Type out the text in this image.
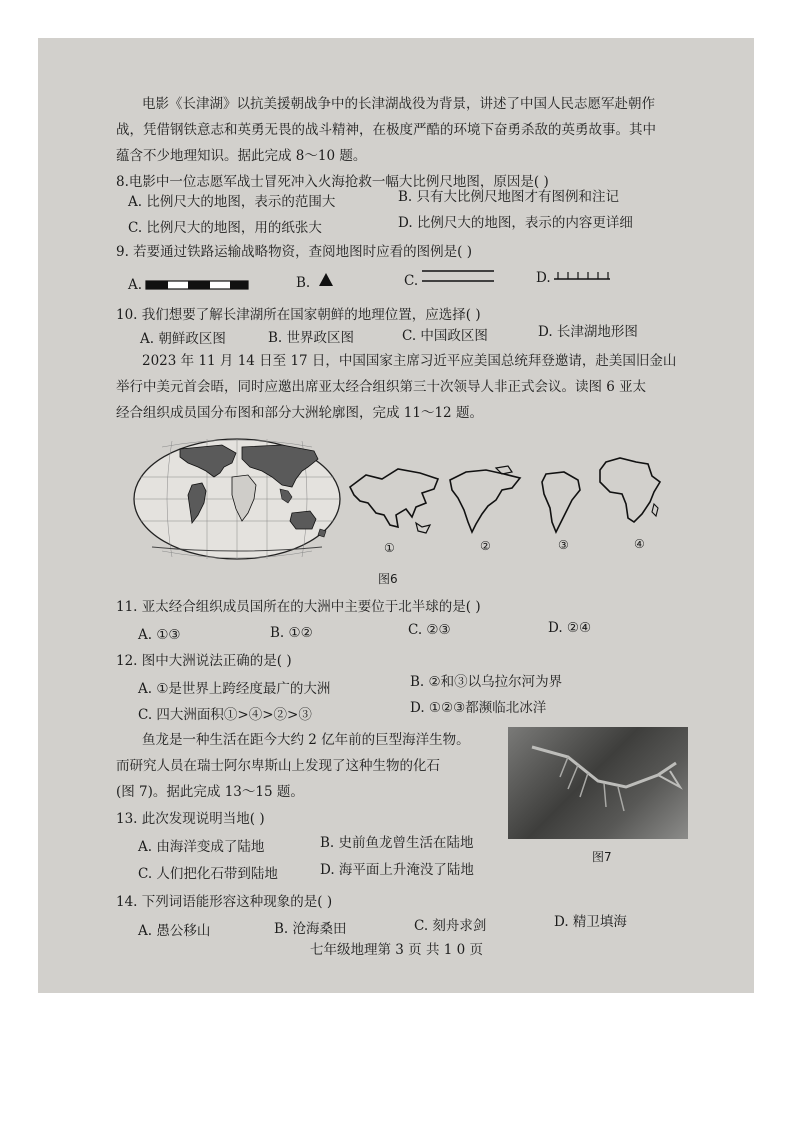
电影《长津湖》以抗美援朝战争中的长津湖战役为背景，讲述了中国人民志愿军赴朝作
战，凭借钢铁意志和英勇无畏的战斗精神，在极度严酷的环境下奋勇杀敌的英勇故事。其中
蕴含不少地理知识。据此完成 8～10 题。
8.电影中一位志愿军战士冒死冲入火海抢救一幅大比例尺地图，原因是( )
A. 比例尺大的地图，表示的范围大	B. 只有大比例尺地图才有图例和注记
C. 比例尺大的地图，用的纸张大	D. 比例尺大的地图，表示的内容更详细
9. 若要通过铁路运输战略物资，查阅地图时应看的图例是( )
A.	B.	C.	D.
10. 我们想要了解长津湖所在国家朝鲜的地理位置，应选择( )
A. 朝鲜政区图	B. 世界政区图	C. 中国政区图	D. 长津湖地形图
2023 年 11 月 14 日至 17 日，中国国家主席习近平应美国总统拜登邀请，赴美国旧金山
举行中美元首会晤，同时应邀出席亚太经合组织第三十次领导人非正式会议。读图 6 亚太
经合组织成员国分布图和部分大洲轮廓图，完成 11～12 题。
①	②	③	④
图6
11. 亚太经合组织成员国所在的大洲中主要位于北半球的是( )
A. ①③	B. ①②	C. ②③	D. ②④
12. 图中大洲说法正确的是( )
A. ①是世界上跨经度最广的大洲	B. ②和③以乌拉尔河为界
C. 四大洲面积①>④>②>③	D. ①②③都濒临北冰洋
鱼龙是一种生活在距今大约 2 亿年前的巨型海洋生物。
而研究人员在瑞士阿尔卑斯山上发现了这种生物的化石
(图 7)。据此完成 13～15 题。
图7
13. 此次发现说明当地( )
A. 由海洋变成了陆地	B. 史前鱼龙曾生活在陆地
C. 人们把化石带到陆地	D. 海平面上升淹没了陆地
14. 下列词语能形容这种现象的是( )
A. 愚公移山	B. 沧海桑田	C. 刻舟求剑	D. 精卫填海
七年级地理第 3 页 共 1 0 页
